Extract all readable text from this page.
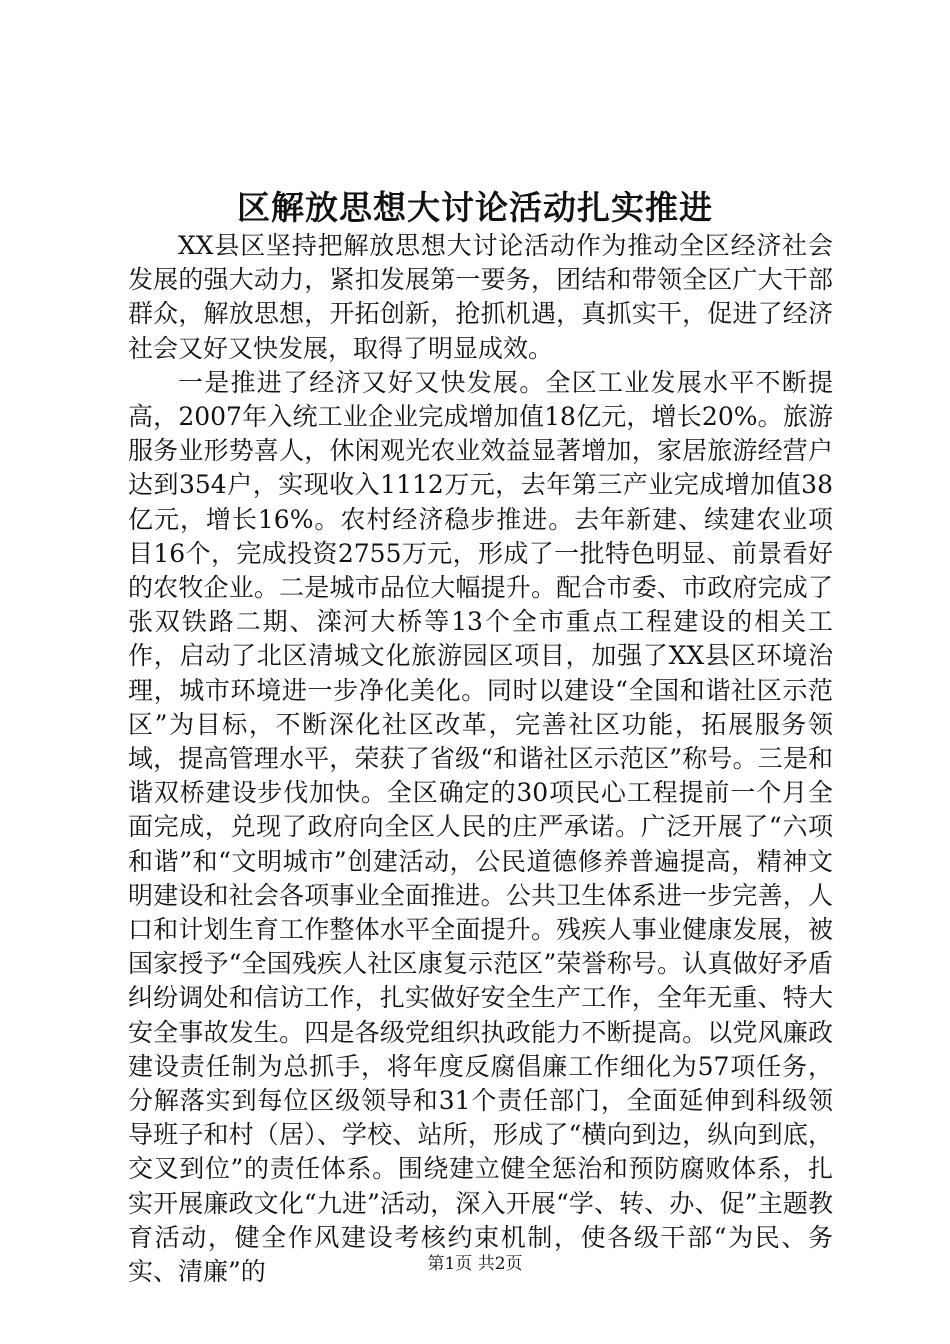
区解放思想大讨论活动扎实推进

XX县区坚持把解放思想大讨论活动作为推动全区经济社会发展的强大动力，紧扣发展第一要务，团结和带领全区广大干部群众，解放思想，开拓创新，抢抓机遇，真抓实干，促进了经济社会又好又快发展，取得了明显成效。

一是推进了经济又好又快发展。全区工业发展水平不断提高，2007年入统工业企业完成增加值18亿元，增长20%。旅游服务业形势喜人，休闲观光农业效益显著增加，家居旅游经营户达到354户，实现收入1112万元，去年第三产业完成增加值38亿元，增长16%。农村经济稳步推进。去年新建、续建农业项目16个，完成投资2755万元，形成了一批特色明显、前景看好的农牧企业。二是城市品位大幅提升。配合市委、市政府完成了张双铁路二期、滦河大桥等13个全市重点工程建设的相关工作，启动了北区清城文化旅游园区项目，加强了XX县区环境治理，城市环境进一步净化美化。同时以建设“全国和谐社区示范区”为目标，不断深化社区改革，完善社区功能，拓展服务领域，提高管理水平，荣获了省级“和谐社区示范区”称号。三是和谐双桥建设步伐加快。全区确定的30项民心工程提前一个月全面完成，兑现了政府向全区人民的庄严承诺。广泛开展了“六项和谐”和“文明城市”创建活动，公民道德修养普遍提高，精神文明建设和社会各项事业全面推进。公共卫生体系进一步完善，人口和计划生育工作整体水平全面提升。残疾人事业健康发展，被国家授予“全国残疾人社区康复示范区”荣誉称号。认真做好矛盾纠纷调处和信访工作，扎实做好安全生产工作，全年无重、特大安全事故发生。四是各级党组织执政能力不断提高。以党风廉政建设责任制为总抓手，将年度反腐倡廉工作细化为57项任务，分解落实到每位区级领导和31个责任部门，全面延伸到科级领导班子和村（居）、学校、站所，形成了“横向到边，纵向到底，交叉到位”的责任体系。围绕建立健全惩治和预防腐败体系，扎实开展廉政文化“九进”活动，深入开展“学、转、办、促”主题教育活动，健全作风建设考核约束机制，使各级干部“为民、务实、清廉”的	第1页 共2页
